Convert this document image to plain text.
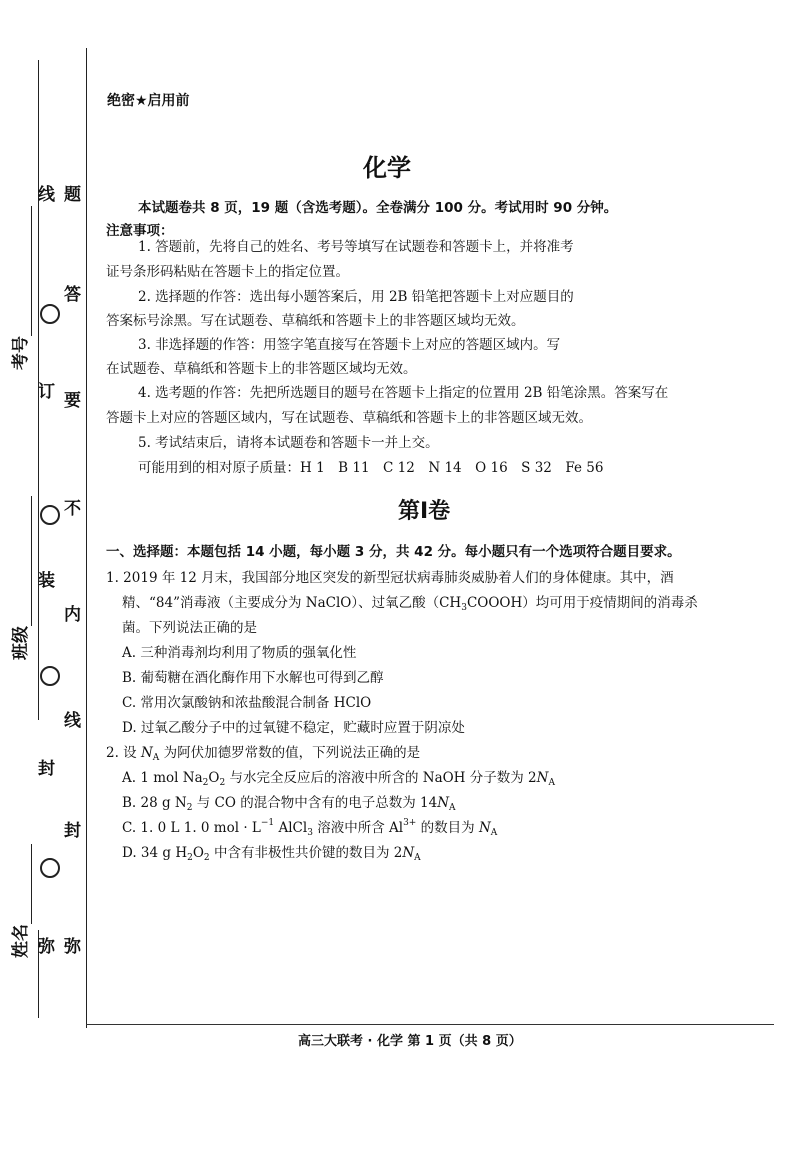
考号
班级
姓名
线
订
装
封
弥
题
答
要
不
内
线
封
弥
绝密★启用前
化学
本试题卷共 8 页，19 题（含选考题）。全卷满分 100 分。考试用时 90 分钟。
注意事项：
1. 答题前，先将自己的姓名、考号等填写在试题卷和答题卡上，并将准考
证号条形码粘贴在答题卡上的指定位置。
2. 选择题的作答：选出每小题答案后，用 2B 铅笔把答题卡上对应题目的
答案标号涂黑。写在试题卷、草稿纸和答题卡上的非答题区域均无效。
3. 非选择题的作答：用签字笔直接写在答题卡上对应的答题区域内。写
在试题卷、草稿纸和答题卡上的非答题区域均无效。
4. 选考题的作答：先把所选题目的题号在答题卡上指定的位置用 2B 铅笔涂黑。答案写在
答题卡上对应的答题区域内，写在试题卷、草稿纸和答题卡上的非答题区域无效。
5. 考试结束后，请将本试题卷和答题卡一并上交。
可能用到的相对原子质量：H 1　B 11　C 12　N 14　O 16　S 32　Fe 56
第Ⅰ卷
一、选择题：本题包括 14 小题，每小题 3 分，共 42 分。每小题只有一个选项符合题目要求。
1. 2019 年 12 月末，我国部分地区突发的新型冠状病毒肺炎威胁着人们的身体健康。其中，酒
精、“84”消毒液（主要成分为 NaClO）、过氧乙酸$(CH_3COOOH)$均可用于疫情期间的消毒杀
菌。下列说法正确的是
A. 三种消毒剂均利用了物质的强氧化性
B. 葡萄糖在酒化酶作用下水解也可得到乙醇
C. 常用次氯酸钠和浓盐酸混合制备 HClO
D. 过氧乙酸分子中的过氧键不稳定，贮藏时应置于阴凉处
2. 设 $N_A$ 为阿伏加德罗常数的值，下列说法正确的是
A. 1 mol $Na_2O_2$ 与水完全反应后的溶液中所含的 NaOH 分子数为 $2N_A$
B. 28 g $N_2$ 与 CO 的混合物中含有的电子总数为 $14N_A$
C. 1. 0 L 1. 0 mol · $L^{-1}$ AlCl$_3$ 溶液中所含 $Al^{3+}$ 的数目为 $N_A$
D. 34 g $H_2O_2$ 中含有非极性共价键的数目为 $2N_A$
高三大联考 · 化学 第 1 页（共 8 页）
